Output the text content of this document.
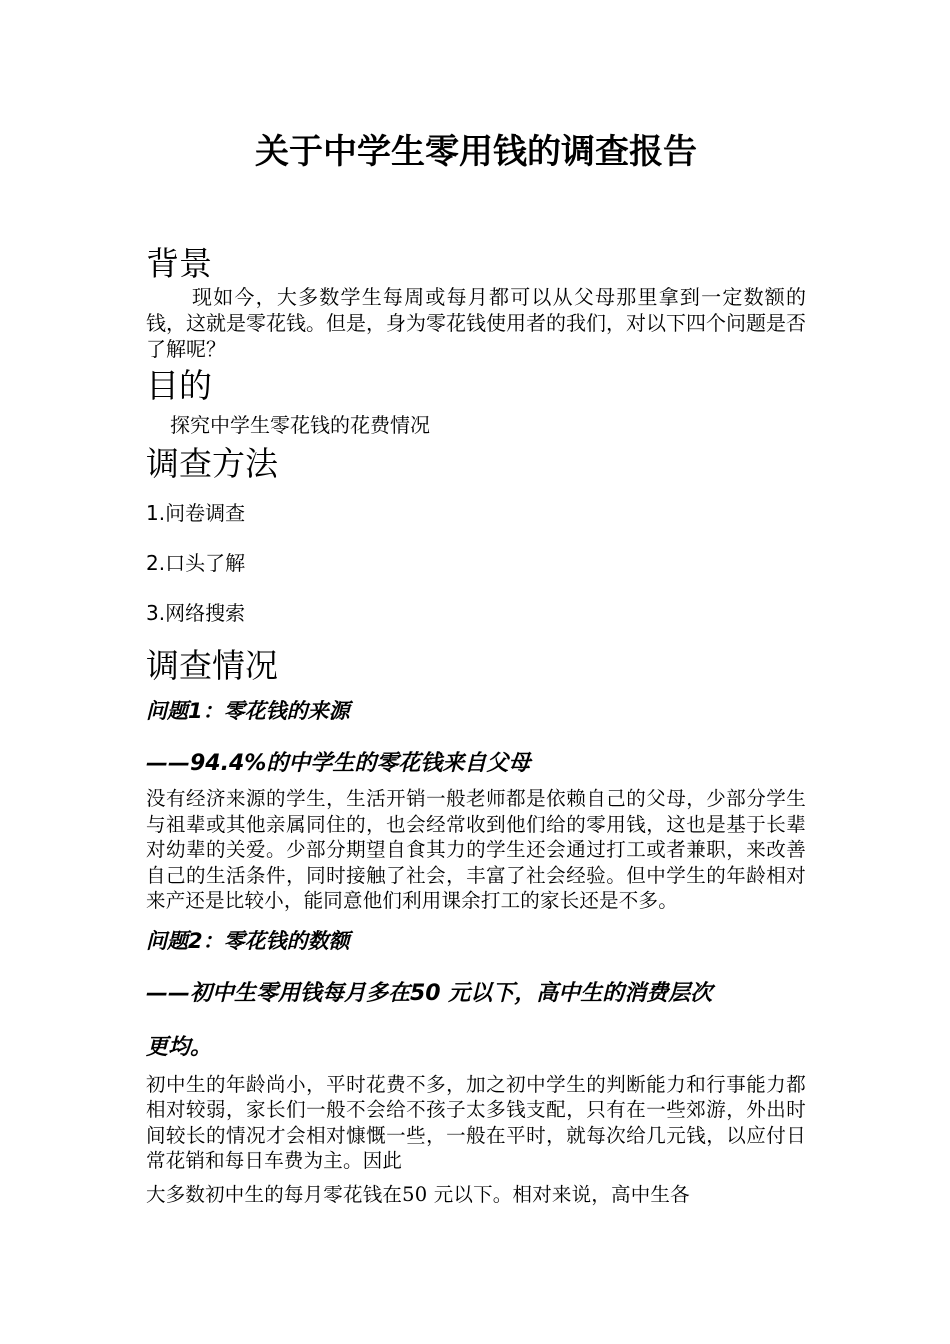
关于中学生零用钱的调查报告
背景

现如今，大多数学生每周或每月都可以从父母那里拿到一定数额的钱，这就是零花钱。但是，身为零花钱使用者的我们，对以下四个问题是否了解呢？

目的

探究中学生零花钱的花费情况

调查方法

1.问卷调查

2.口头了解

3.网络搜索

调查情况

问题1：零花钱的来源

——94.4%的中学生的零花钱来自父母

没有经济来源的学生，生活开销一般老师都是依赖自己的父母，少部分学生与祖辈或其他亲属同住的，也会经常收到他们给的零用钱，这也是基于长辈对幼辈的关爱。少部分期望自食其力的学生还会通过打工或者兼职，来改善自己的生活条件，同时接触了社会，丰富了社会经验。但中学生的年龄相对来产还是比较小，能同意他们利用课余打工的家长还是不多。

问题2：零花钱的数额

——初中生零用钱每月多在50 元以下，高中生的消费层次

更均。

初中生的年龄尚小，平时花费不多，加之初中学生的判断能力和行事能力都相对较弱，家长们一般不会给不孩子太多钱支配，只有在一些郊游，外出时间较长的情况才会相对慷慨一些，一般在平时，就每次给几元钱，以应付日常花销和每日车费为主。因此

大多数初中生的每月零花钱在50 元以下。相对来说，高中生各
